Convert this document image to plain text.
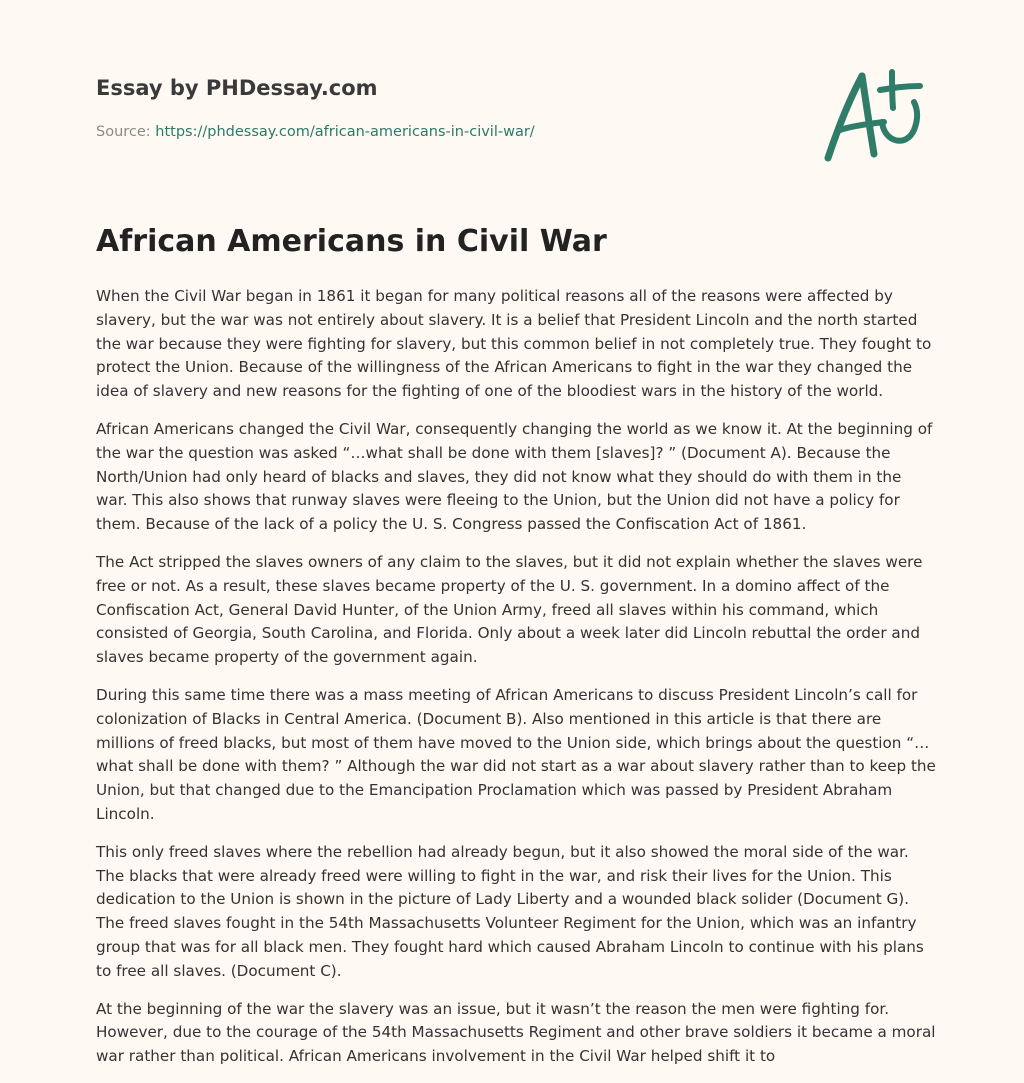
Essay by PHDessay.com
Source: https://phdessay.com/african-americans-in-civil-war/
African Americans in Civil War

When the Civil War began in 1861 it began for many political reasons all of the reasons were affected by slavery, but the war was not entirely about slavery. It is a belief that President Lincoln and the north started the war because they were fighting for slavery, but this common belief in not completely true. They fought to protect the Union. Because of the willingness of the African Americans to fight in the war they changed the idea of slavery and new reasons for the fighting of one of the bloodiest wars in the history of the world.

African Americans changed the Civil War, consequently changing the world as we know it. At the beginning of the war the question was asked “…what shall be done with them [slaves]? ” (Document A). Because the North/Union had only heard of blacks and slaves, they did not know what they should do with them in the war. This also shows that runway slaves were fleeing to the Union, but the Union did not have a policy for them. Because of the lack of a policy the U. S. Congress passed the Confiscation Act of 1861.

The Act stripped the slaves owners of any claim to the slaves, but it did not explain whether the slaves were free or not. As a result, these slaves became property of the U. S. government. In a domino affect of the Confiscation Act, General David Hunter, of the Union Army, freed all slaves within his command, which consisted of Georgia, South Carolina, and Florida. Only about a week later did Lincoln rebuttal the order and slaves became property of the government again.

During this same time there was a mass meeting of African Americans to discuss President Lincoln’s call for colonization of Blacks in Central America. (Document B). Also mentioned in this article is that there are millions of freed blacks, but most of them have moved to the Union side, which brings about the question “…what shall be done with them? ” Although the war did not start as a war about slavery rather than to keep the Union, but that changed due to the Emancipation Proclamation which was passed by President Abraham Lincoln.

This only freed slaves where the rebellion had already begun, but it also showed the moral side of the war. The blacks that were already freed were willing to fight in the war, and risk their lives for the Union. This dedication to the Union is shown in the picture of Lady Liberty and a wounded black solider (Document G). The freed slaves fought in the 54th Massachusetts Volunteer Regiment for the Union, which was an infantry group that was for all black men. They fought hard which caused Abraham Lincoln to continue with his plans to free all slaves. (Document C).

At the beginning of the war the slavery was an issue, but it wasn’t the reason the men were fighting for. However, due to the courage of the 54th Massachusetts Regiment and other brave soldiers it became a moral war rather than political. African Americans involvement in the Civil War helped shift it to
